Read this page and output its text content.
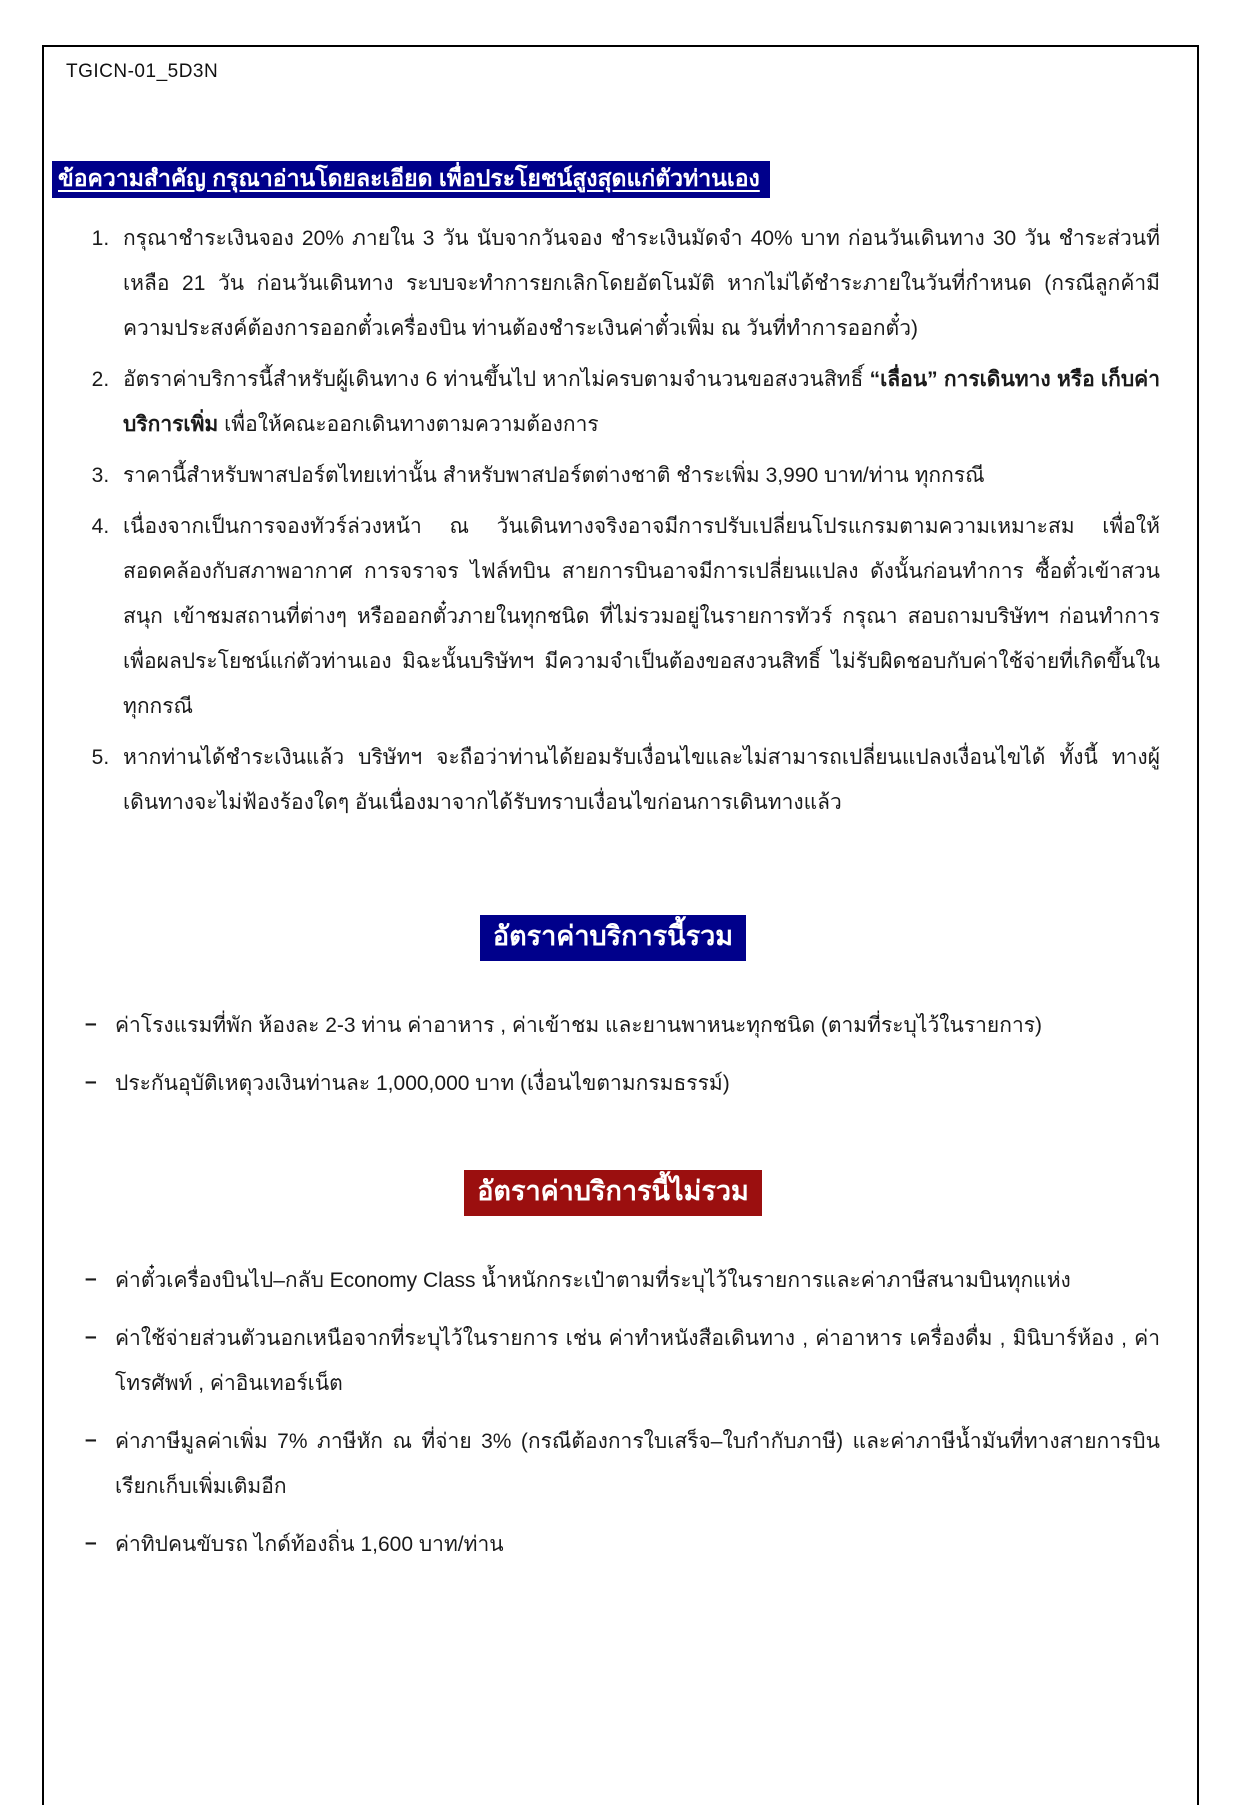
TGICN-01_5D3N
ข้อความสำคัญ กรุณาอ่านโดยละเอียด เพื่อประโยชน์สูงสุดแก่ตัวท่านเอง
1. กรุณาชำระเงินจอง 20% ภายใน 3 วัน นับจากวันจอง ชำระเงินมัดจำ 40% บาท ก่อนวันเดินทาง 30 วัน ชำระส่วนที่เหลือ 21 วัน ก่อนวันเดินทาง ระบบจะทำการยกเลิกโดยอัตโนมัติ หากไม่ได้ชำระภายในวันที่กำหนด (กรณีลูกค้ามีความประสงค์ต้องการออกตั๋วเครื่องบิน ท่านต้องชำระเงินค่าตั๋วเพิ่ม ณ วันที่ทำการออกตั๋ว)
2. อัตราค่าบริการนี้สำหรับผู้เดินทาง 6 ท่านขึ้นไป หากไม่ครบตามจำนวนขอสงวนสิทธิ์ “เลื่อน” การเดินทาง หรือ เก็บค่าบริการเพิ่ม เพื่อให้คณะออกเดินทางตามความต้องการ
3. ราคานี้สำหรับพาสปอร์ตไทยเท่านั้น สำหรับพาสปอร์ตต่างชาติ ชำระเพิ่ม 3,990 บาท/ท่าน ทุกกรณี
4. เนื่องจากเป็นการจองทัวร์ล่วงหน้า ณ วันเดินทางจริงอาจมีการปรับเปลี่ยนโปรแกรมตามความเหมาะสม เพื่อให้สอดคล้องกับสภาพอากาศ การจราจร ไฟล์ทบิน สายการบินอาจมีการเปลี่ยนแปลง ดังนั้นก่อนทำการ ซื้อตั๋วเข้าสวนสนุก เข้าชมสถานที่ต่างๆ หรือออกตั๋วภายในทุกชนิด ที่ไม่รวมอยู่ในรายการทัวร์ กรุณา สอบถามบริษัทฯ ก่อนทำการ เพื่อผลประโยชน์แก่ตัวท่านเอง มิฉะนั้นบริษัทฯ มีความจำเป็นต้องขอสงวนสิทธิ์ ไม่รับผิดชอบกับค่าใช้จ่ายที่เกิดขึ้นในทุกกรณี
5. หากท่านได้ชำระเงินแล้ว บริษัทฯ จะถือว่าท่านได้ยอมรับเงื่อนไขและไม่สามารถเปลี่ยนแปลงเงื่อนไขได้ ทั้งนี้ ทางผู้เดินทางจะไม่ฟ้องร้องใดๆ อันเนื่องมาจากได้รับทราบเงื่อนไขก่อนการเดินทางแล้ว
อัตราค่าบริการนี้รวม
– ค่าโรงแรมที่พัก ห้องละ 2-3 ท่าน ค่าอาหาร , ค่าเข้าชม และยานพาหนะทุกชนิด (ตามที่ระบุไว้ในรายการ)
– ประกันอุบัติเหตุวงเงินท่านละ 1,000,000 บาท (เงื่อนไขตามกรมธรรม์)
อัตราค่าบริการนี้ไม่รวม
– ค่าตั๋วเครื่องบินไป–กลับ Economy Class น้ำหนักกระเป๋าตามที่ระบุไว้ในรายการและค่าภาษีสนามบินทุกแห่ง
– ค่าใช้จ่ายส่วนตัวนอกเหนือจากที่ระบุไว้ในรายการ เช่น ค่าทำหนังสือเดินทาง , ค่าอาหาร เครื่องดื่ม , มินิบาร์ห้อง , ค่าโทรศัพท์ , ค่าอินเทอร์เน็ต
– ค่าภาษีมูลค่าเพิ่ม 7% ภาษีหัก ณ ที่จ่าย 3% (กรณีต้องการใบเสร็จ–ใบกำกับภาษี) และค่าภาษีน้ำมันที่ทางสายการบิน เรียกเก็บเพิ่มเติมอีก
– ค่าทิปคนขับรถ ไกด์ท้องถิ่น 1,600 บาท/ท่าน
